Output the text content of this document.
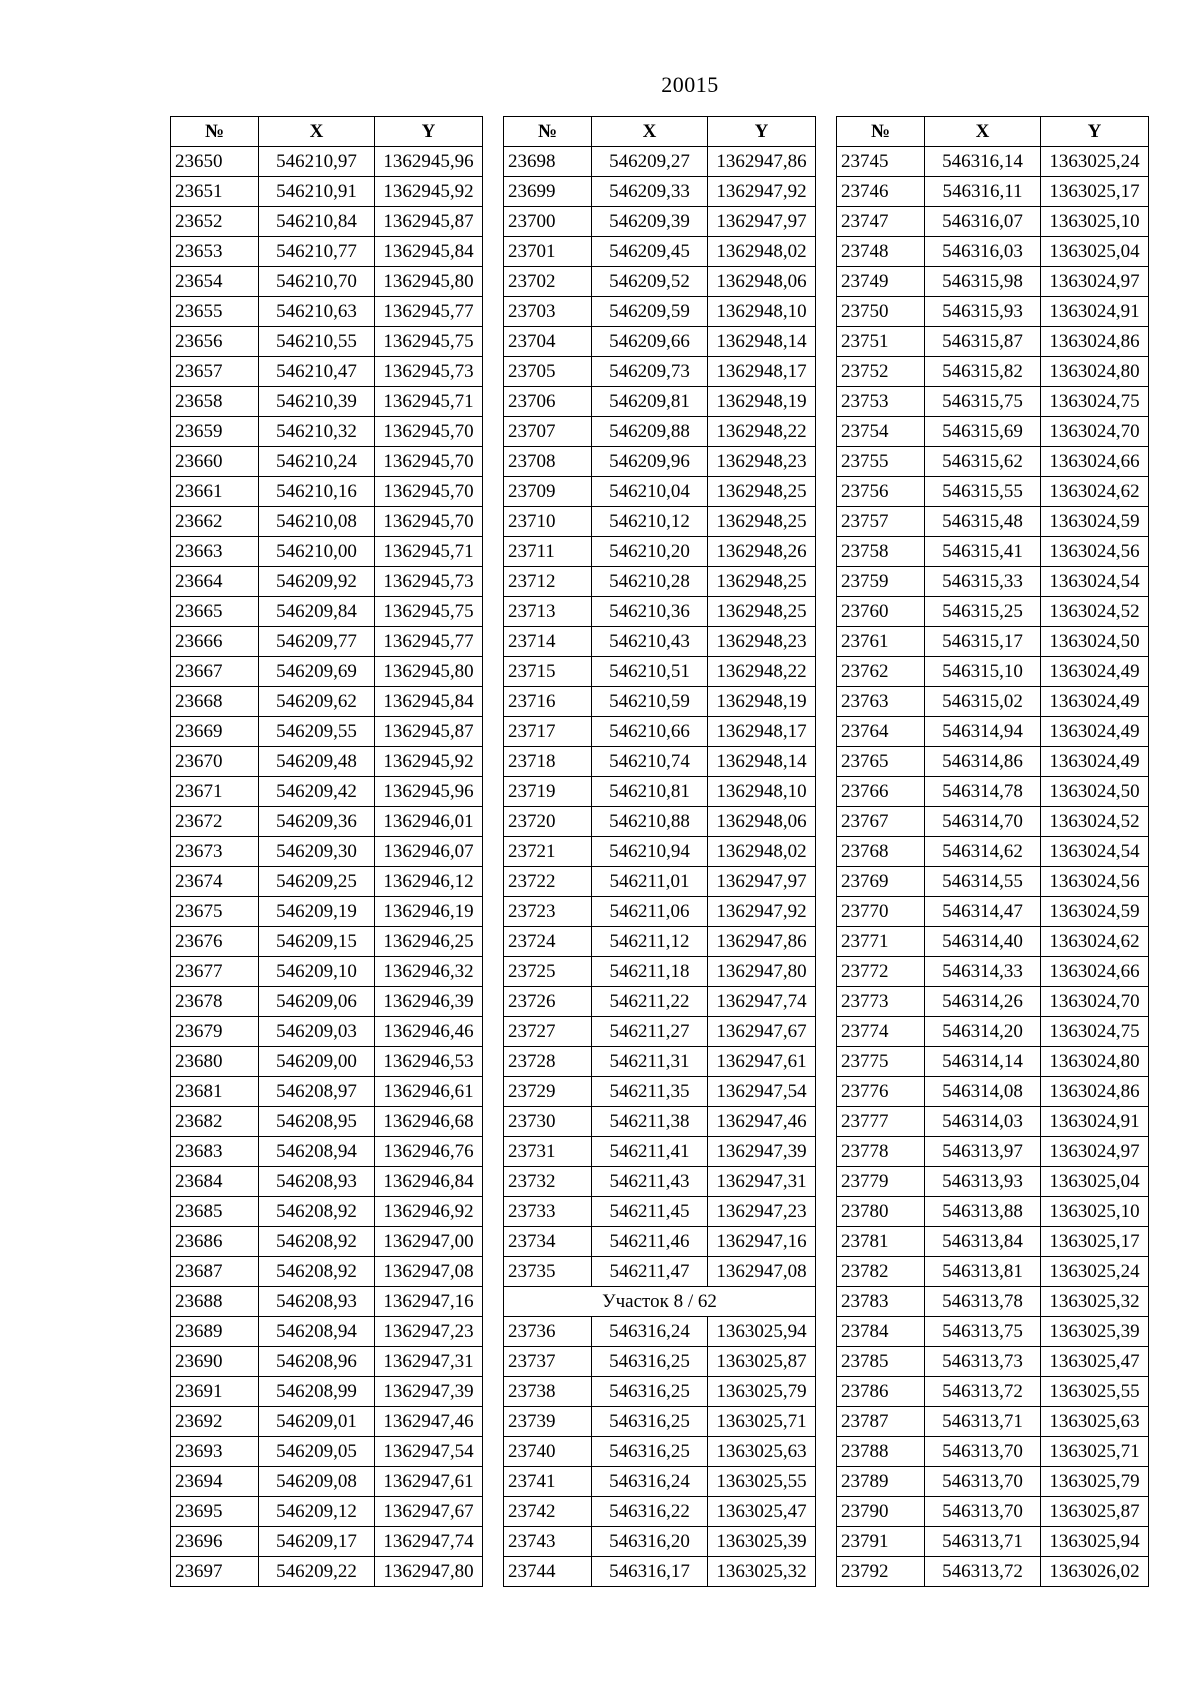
20015
№	X	Y
23650	546210,97	1362945,96
23651	546210,91	1362945,92
23652	546210,84	1362945,87
23653	546210,77	1362945,84
23654	546210,70	1362945,80
23655	546210,63	1362945,77
23656	546210,55	1362945,75
23657	546210,47	1362945,73
23658	546210,39	1362945,71
23659	546210,32	1362945,70
23660	546210,24	1362945,70
23661	546210,16	1362945,70
23662	546210,08	1362945,70
23663	546210,00	1362945,71
23664	546209,92	1362945,73
23665	546209,84	1362945,75
23666	546209,77	1362945,77
23667	546209,69	1362945,80
23668	546209,62	1362945,84
23669	546209,55	1362945,87
23670	546209,48	1362945,92
23671	546209,42	1362945,96
23672	546209,36	1362946,01
23673	546209,30	1362946,07
23674	546209,25	1362946,12
23675	546209,19	1362946,19
23676	546209,15	1362946,25
23677	546209,10	1362946,32
23678	546209,06	1362946,39
23679	546209,03	1362946,46
23680	546209,00	1362946,53
23681	546208,97	1362946,61
23682	546208,95	1362946,68
23683	546208,94	1362946,76
23684	546208,93	1362946,84
23685	546208,92	1362946,92
23686	546208,92	1362947,00
23687	546208,92	1362947,08
23688	546208,93	1362947,16
23689	546208,94	1362947,23
23690	546208,96	1362947,31
23691	546208,99	1362947,39
23692	546209,01	1362947,46
23693	546209,05	1362947,54
23694	546209,08	1362947,61
23695	546209,12	1362947,67
23696	546209,17	1362947,74
23697	546209,22	1362947,80
№	X	Y
23698	546209,27	1362947,86
23699	546209,33	1362947,92
23700	546209,39	1362947,97
23701	546209,45	1362948,02
23702	546209,52	1362948,06
23703	546209,59	1362948,10
23704	546209,66	1362948,14
23705	546209,73	1362948,17
23706	546209,81	1362948,19
23707	546209,88	1362948,22
23708	546209,96	1362948,23
23709	546210,04	1362948,25
23710	546210,12	1362948,25
23711	546210,20	1362948,26
23712	546210,28	1362948,25
23713	546210,36	1362948,25
23714	546210,43	1362948,23
23715	546210,51	1362948,22
23716	546210,59	1362948,19
23717	546210,66	1362948,17
23718	546210,74	1362948,14
23719	546210,81	1362948,10
23720	546210,88	1362948,06
23721	546210,94	1362948,02
23722	546211,01	1362947,97
23723	546211,06	1362947,92
23724	546211,12	1362947,86
23725	546211,18	1362947,80
23726	546211,22	1362947,74
23727	546211,27	1362947,67
23728	546211,31	1362947,61
23729	546211,35	1362947,54
23730	546211,38	1362947,46
23731	546211,41	1362947,39
23732	546211,43	1362947,31
23733	546211,45	1362947,23
23734	546211,46	1362947,16
23735	546211,47	1362947,08
Участок 8 / 62		
23736	546316,24	1363025,94
23737	546316,25	1363025,87
23738	546316,25	1363025,79
23739	546316,25	1363025,71
23740	546316,25	1363025,63
23741	546316,24	1363025,55
23742	546316,22	1363025,47
23743	546316,20	1363025,39
23744	546316,17	1363025,32
№	X	Y
23745	546316,14	1363025,24
23746	546316,11	1363025,17
23747	546316,07	1363025,10
23748	546316,03	1363025,04
23749	546315,98	1363024,97
23750	546315,93	1363024,91
23751	546315,87	1363024,86
23752	546315,82	1363024,80
23753	546315,75	1363024,75
23754	546315,69	1363024,70
23755	546315,62	1363024,66
23756	546315,55	1363024,62
23757	546315,48	1363024,59
23758	546315,41	1363024,56
23759	546315,33	1363024,54
23760	546315,25	1363024,52
23761	546315,17	1363024,50
23762	546315,10	1363024,49
23763	546315,02	1363024,49
23764	546314,94	1363024,49
23765	546314,86	1363024,49
23766	546314,78	1363024,50
23767	546314,70	1363024,52
23768	546314,62	1363024,54
23769	546314,55	1363024,56
23770	546314,47	1363024,59
23771	546314,40	1363024,62
23772	546314,33	1363024,66
23773	546314,26	1363024,70
23774	546314,20	1363024,75
23775	546314,14	1363024,80
23776	546314,08	1363024,86
23777	546314,03	1363024,91
23778	546313,97	1363024,97
23779	546313,93	1363025,04
23780	546313,88	1363025,10
23781	546313,84	1363025,17
23782	546313,81	1363025,24
23783	546313,78	1363025,32
23784	546313,75	1363025,39
23785	546313,73	1363025,47
23786	546313,72	1363025,55
23787	546313,71	1363025,63
23788	546313,70	1363025,71
23789	546313,70	1363025,79
23790	546313,70	1363025,87
23791	546313,71	1363025,94
23792	546313,72	1363026,02
